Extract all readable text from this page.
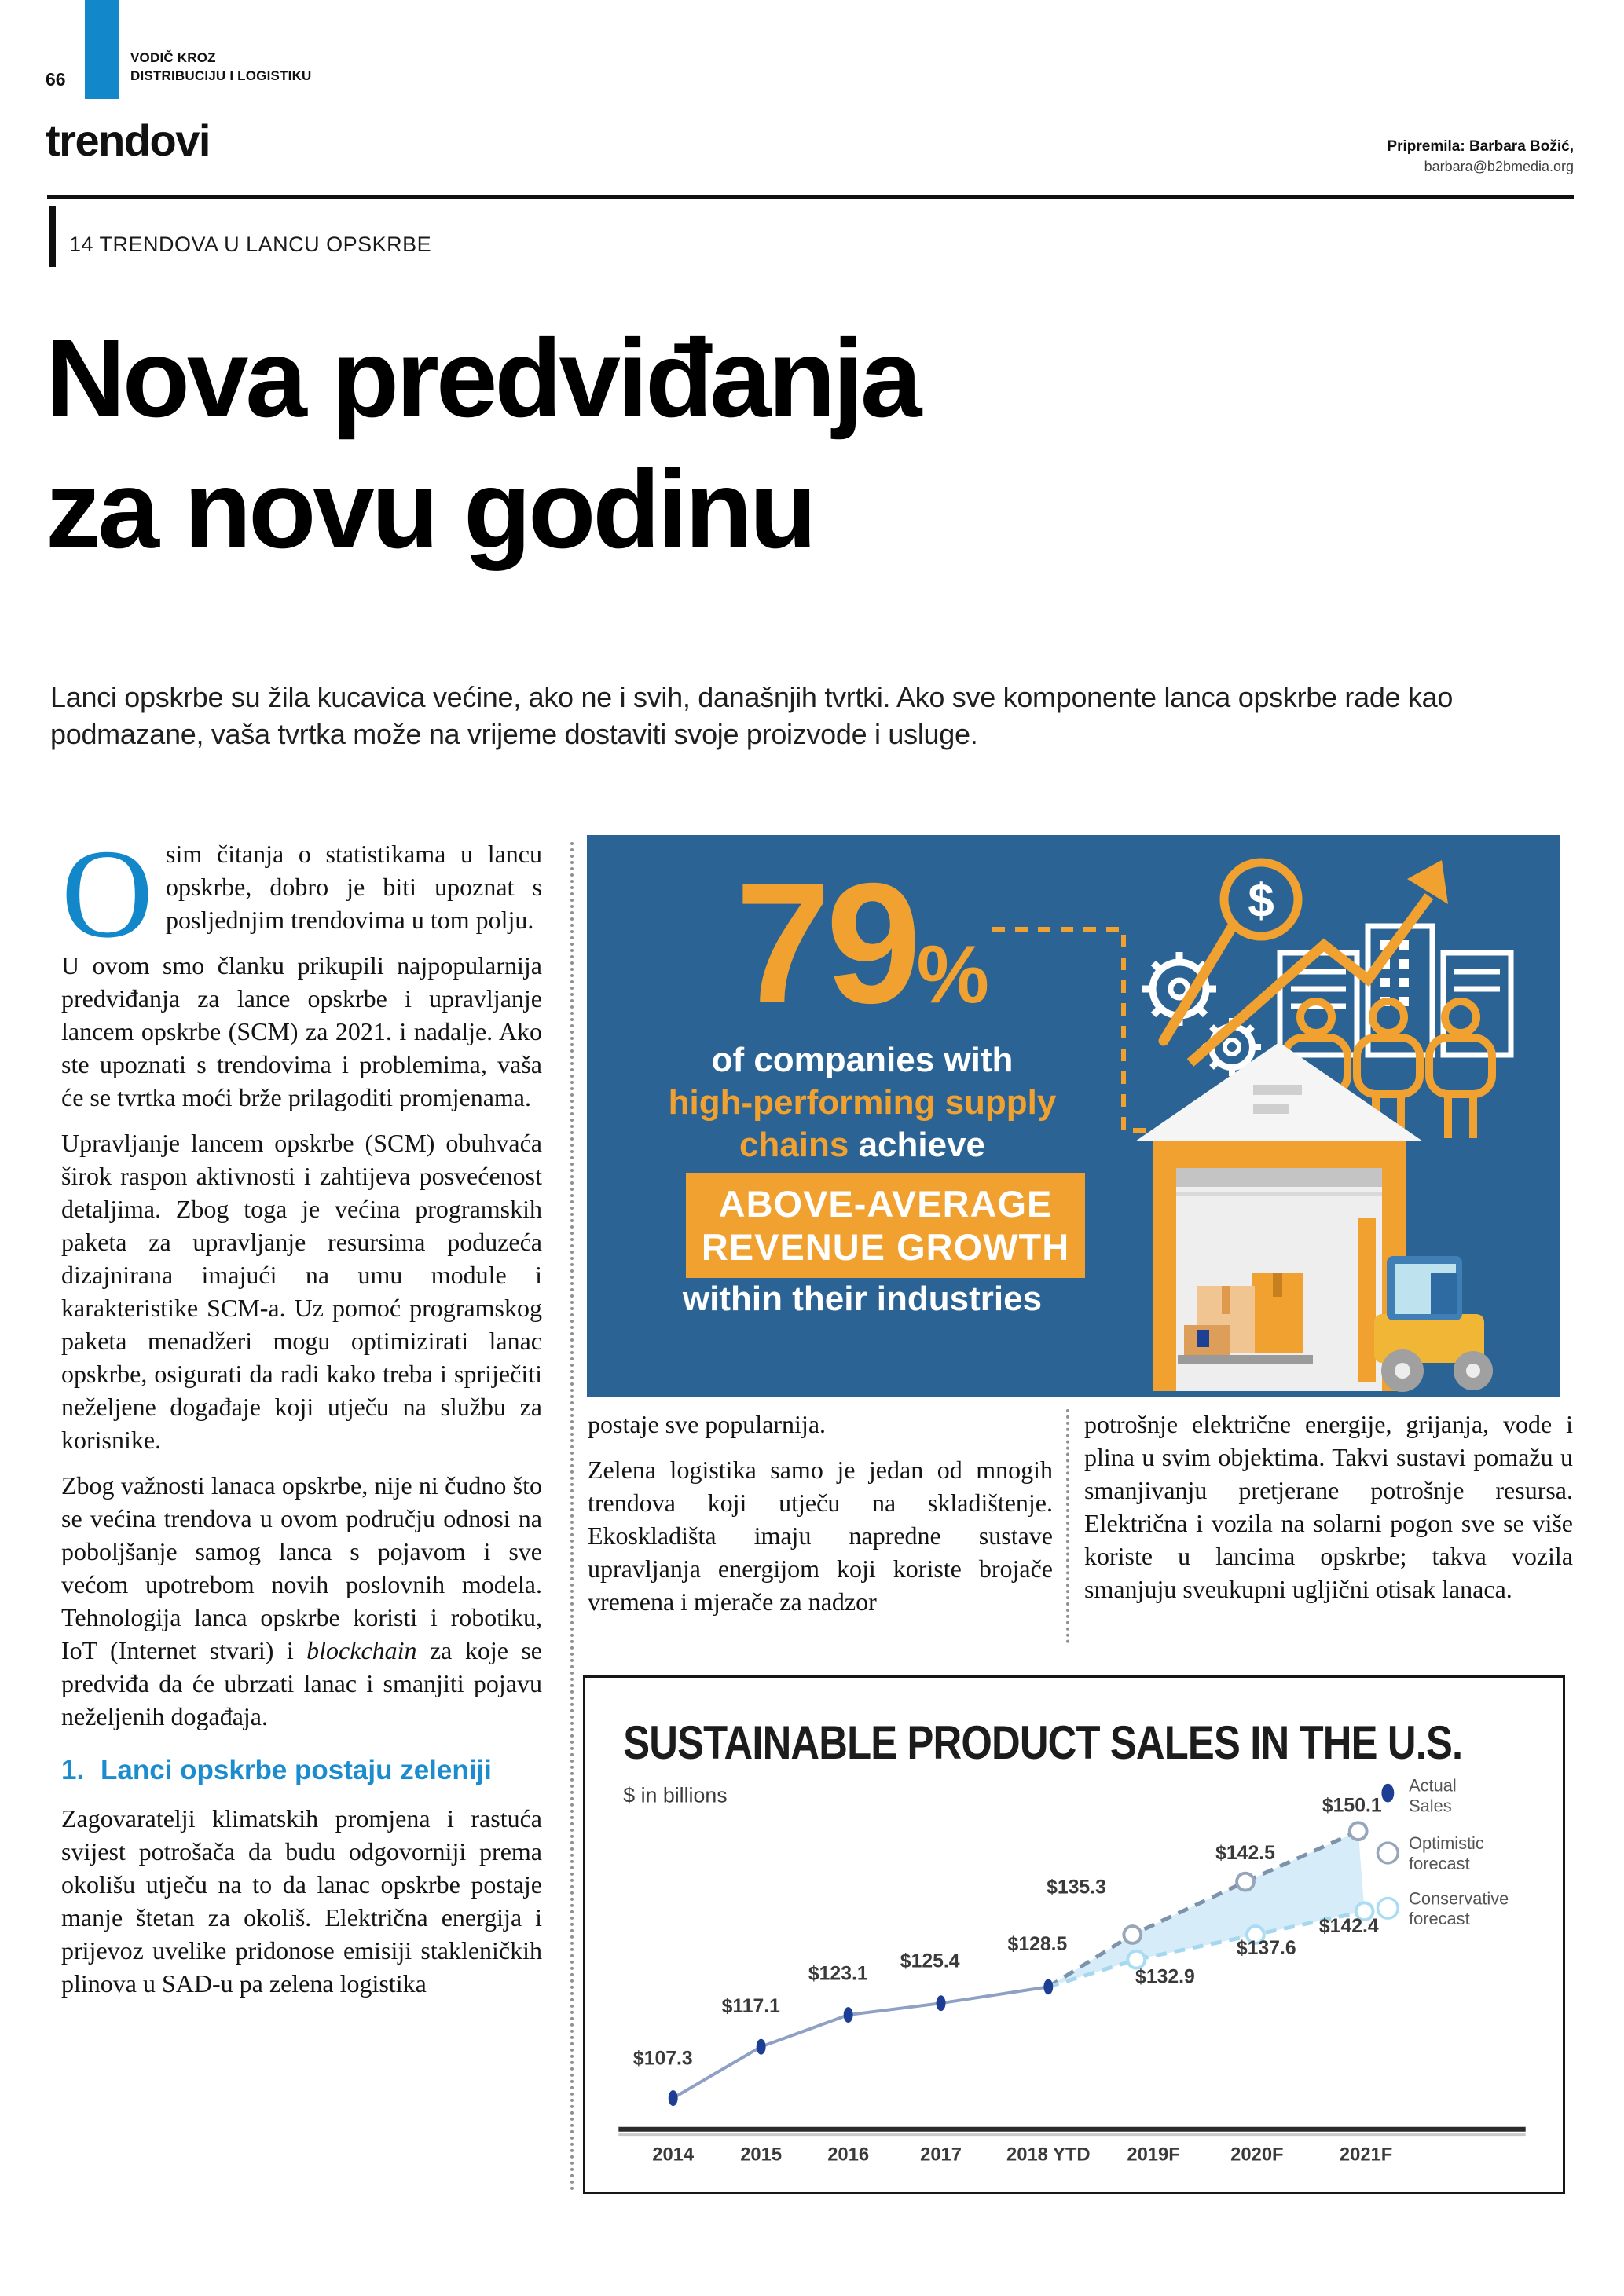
66
VODIČ KROZ
DISTRIBUCIJU I LOGISTIKU
trendovi	Pripremila: Barbara Božić,
barbara@b2bmedia.org
14 TRENDOVA U LANCU OPSKRBE
Nova predviđanja
za novu godinu
Lanci opskrbe su žila kucavica većine, ako ne i svih, današnjih tvrtki. Ako sve komponente lanca opskrbe rade kao podmazane, vaša tvrtka može na vrijeme dostaviti svoje proizvode i usluge.

Osim čitanja o statistikama u lancu opskrbe, dobro je biti upoznat s posljednjim trendovima u tom polju.

U ovom smo članku prikupili najpopularnija predviđanja za lance opskrbe i upravljanje lancem opskrbe (SCM) za 2021. i nadalje. Ako ste upoznati s trendovima i problemima, vaša će se tvrtka moći brže prilagoditi promjenama.

Upravljanje lancem opskrbe (SCM) obuhvaća širok raspon aktivnosti i zahtijeva posvećenost detaljima. Zbog toga je većina programskih paketa za upravljanje resursima poduzeća dizajnirana imajući na umu module i karakteristike SCM-a. Uz pomoć programskog paketa menadžeri mogu optimizirati lanac opskrbe, osigurati da radi kako treba i spriječiti neželjene događaje koji utječu na službu za korisnike.

Zbog važnosti lanaca opskrbe, nije ni čudno što se većina trendova u ovom području odnosi na poboljšanje samog lanca s pojavom i sve većom upotrebom novih poslovnih modela. Tehnologija lanca opskrbe koristi i robotiku, IoT (Internet stvari) i blockchain za koje se predviđa da će ubrzati lanac i smanjiti pojavu neželjenih događaja.

1. Lanci opskrbe postaju zeleniji

Zagovaratelji klimatskih promjena i rastuća svijest potrošača da budu odgovorniji prema okolišu utječu na to da lanac opskrbe postaje manje štetan za okoliš. Električna energija i prijevoz uvelike pridonose emisiji stakleničkih plinova u SAD-u pa zelena logistika

postaje sve popularnija.

Zelena logistika samo je jedan od mnogih trendova koji utječu na skladištenje. Ekoskladišta imaju napredne sustave upravljanja energijom koji koriste brojače vremena i mjerače za nadzor

potrošnje električne energije, grijanja, vode i plina u svim objektima. Takvi sustavi pomažu u smanjivanju pretjerane potrošnje resursa. Električna i vozila na solarni pogon sve se više koriste u lancima opskrbe; takva vozila smanjuju sveukupni ugljični otisak lanaca.

79%
of companies with
high-performing supply
chains achieve
ABOVE-AVERAGE
REVENUE GROWTH
within their industries
$
SUSTAINABLE PRODUCT SALES IN THE U.S.
$ in billions
$107.3
$117.1
$123.1
$125.4
$128.5
$135.3
$142.5
$150.1
$132.9
$137.6
$142.4
2014 2015 2016	2017 2018 YTD 2019F	2020F	2021F
Actual
Sales
Optimistic
forecast
Conservative
forecast
